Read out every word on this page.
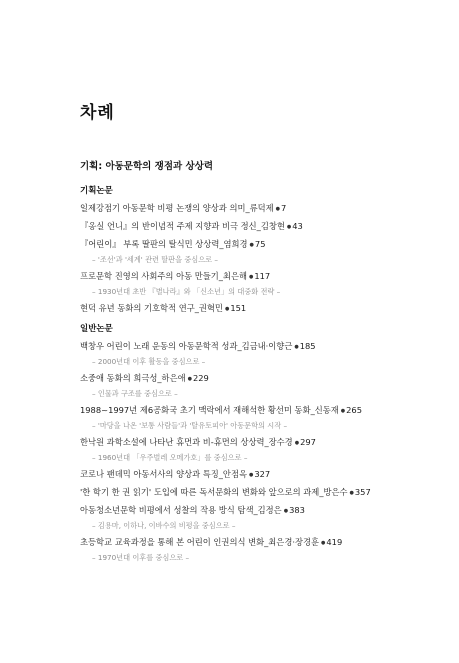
차례
기획: 아동문학의 쟁점과 상상력
기획논문
일제강점기 아동문학 비평 논쟁의 양상과 의미_류덕제 ● 7
『옹실 언니』의 반이념적 주제 지향과 비극 정신_김창현 ● 43
『어린이』 부록 딸판의 탈식민 상상력_염희경 ● 75
– '조선'과 '세계' 관련 딸판을 중심으로 –
프로문학 진영의 사회주의 아동 만들기_최은해 ● 117
– 1930년대 초반 『별나라』와 「신소년」의 대중화 전략 –
현덕 유년 동화의 기호학적 연구_권혁민 ● 151
일반논문
백창우 어린이 노래 운동의 아동문학적 성과_김금내·이향근 ● 185
– 2000년대 이후 활동을 중심으로 –
소중애 동화의 희극성_하은애 ● 229
– 인물과 구조를 중심으로 –
1988~1997년 제6공화국 초기 맥락에서 재해석한 황선미 동화_신동재 ● 265
– '마당을 나온 '보통 사람들'과 '탈유토피아' 아동문학의 시작 –
한낙원 과학소설에 나타난 휴먼과 비-휴먼의 상상력_장수경 ● 297
– 1960년대 「우주벌레 오메가호」를 중심으로 –
코로나 팬데믹 아동서사의 양상과 특징_안점옥 ● 327
'한 학기 한 권 읽기' 도입에 따른 독서문화의 변화와 앞으로의 과제_방은수 ● 357
아동청소년문학 비평에서 성찰의 작용 방식 탐색_김정은 ● 383
– 김용마, 이하나, 이바수의 비평을 중심으로 –
초등학교 교육과정을 통해 본 어린이 인권의식 변화_최은경·장경훈 ● 419
– 1970년대 이후를 중심으로 –
